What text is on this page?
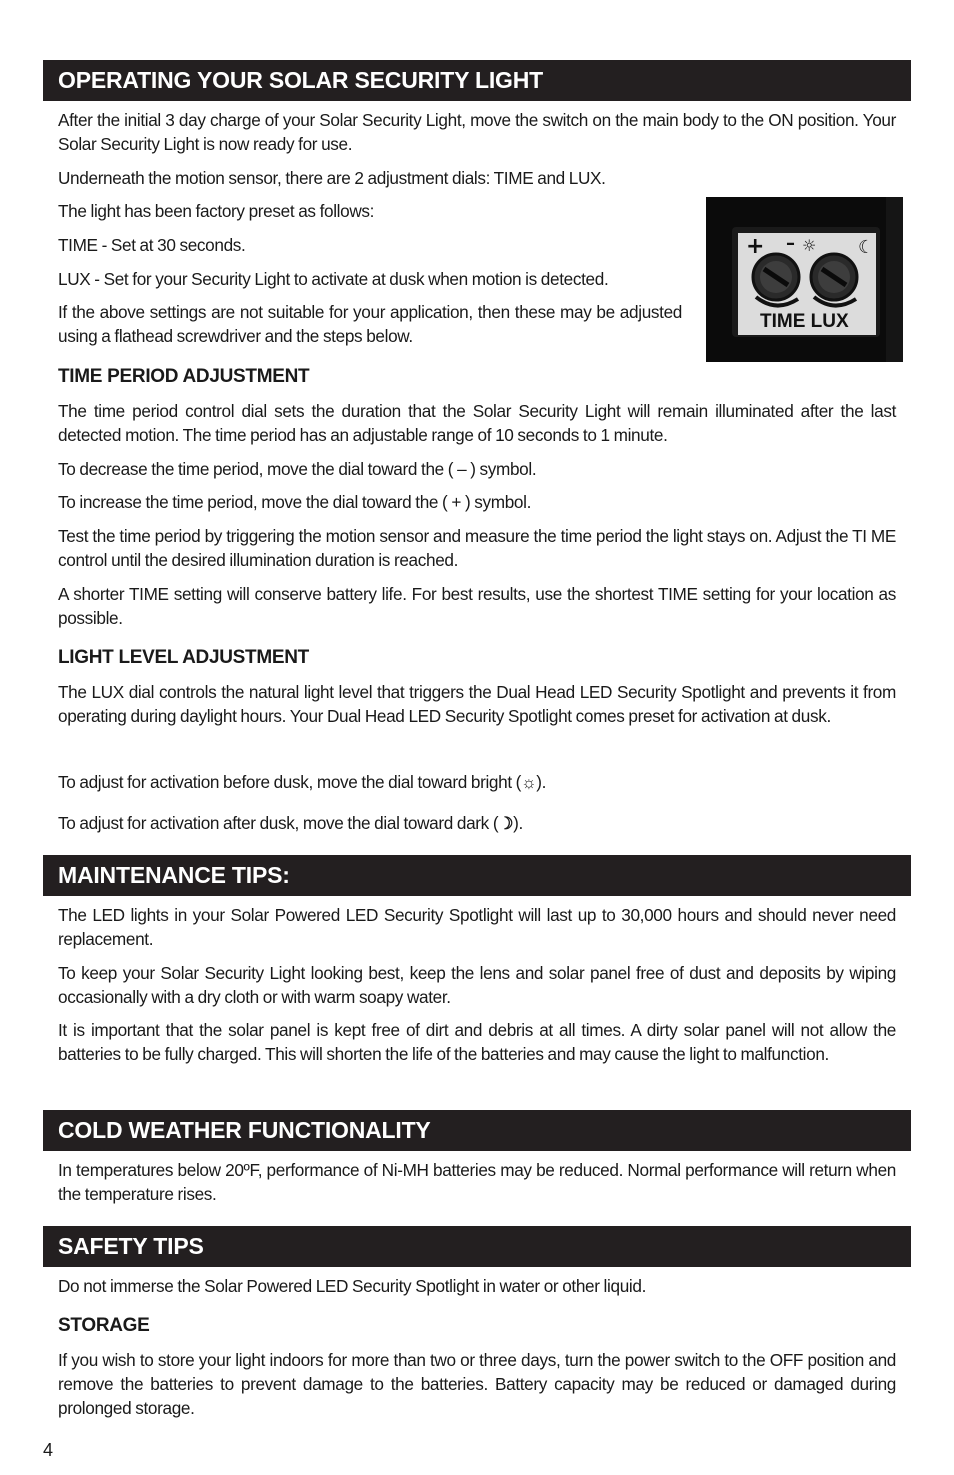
OPERATING YOUR SOLAR SECURITY LIGHT
After the initial 3 day charge of your Solar Security Light, move the switch on the main body to the ON position. Your Solar Security Light is now ready for use.
Underneath the motion sensor, there are 2 adjustment dials: TIME and LUX.
The light has been factory preset as follows:
TIME - Set at 30 seconds.
LUX - Set for your Security Light to activate at dusk when motion is detected.
If the above settings are not suitable for your application, then these may be adjusted using a flathead screwdriver and the steps below.
+ – ☼ ☾
TIME LUX
TIME PERIOD ADJUSTMENT
The time period control dial sets the duration that the Solar Security Light will remain illuminated after the last detected motion. The time period has an adjustable range of 10 seconds to 1 minute.
To decrease the time period, move the dial toward the ( – ) symbol.
To increase the time period, move the dial toward the ( + ) symbol.
Test the time period by triggering the motion sensor and measure the time period the light stays on. Adjust the TI ME control until the desired illumination duration is reached.
A shorter TIME setting will conserve battery life. For best results, use the shortest TIME setting for your location as possible.
LIGHT LEVEL ADJUSTMENT
The LUX dial controls the natural light level that triggers the Dual Head LED Security Spotlight and prevents it from operating during daylight hours. Your Dual Head LED Security Spotlight comes preset for activation at dusk.
To adjust for activation before dusk, move the dial toward bright (☼).
To adjust for activation after dusk, move the dial toward dark (☽).
MAINTENANCE TIPS:
The LED lights in your Solar Powered LED Security Spotlight will last up to 30,000 hours and should never need replacement.
To keep your Solar Security Light looking best, keep the lens and solar panel free of dust and deposits by wiping occasionally with a dry cloth or with warm soapy water.
It is important that the solar panel is kept free of dirt and debris at all times. A dirty solar panel will not allow the batteries to be fully charged. This will shorten the life of the batteries and may cause the light to malfunction.
COLD WEATHER FUNCTIONALITY
In temperatures below 20ºF, performance of Ni-MH batteries may be reduced. Normal performance will return when the temperature rises.
SAFETY TIPS
Do not immerse the Solar Powered LED Security Spotlight in water or other liquid.
STORAGE
If you wish to store your light indoors for more than two or three days, turn the power switch to the OFF position and remove the batteries to prevent damage to the batteries. Battery capacity may be reduced or damaged during prolonged storage.
4
